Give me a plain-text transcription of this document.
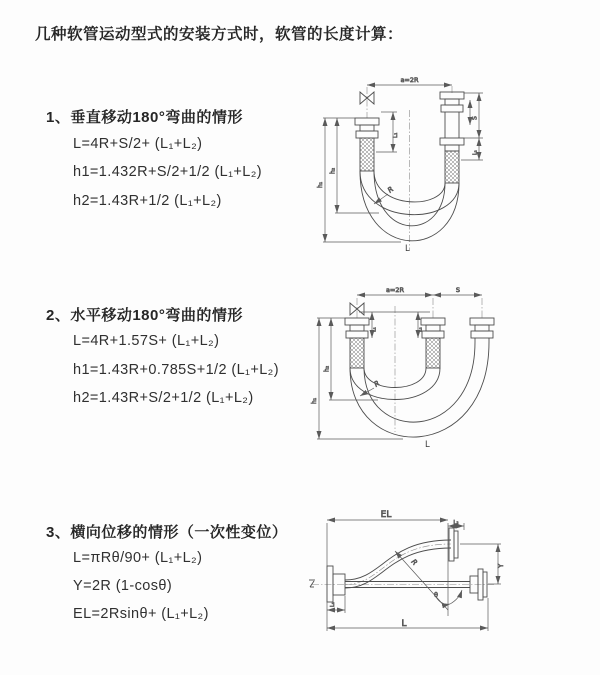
几种软管运动型式的安装方式时，软管的长度计算：
1、垂直移动180°弯曲的情形
L=4R+S/2+ (L₁+L₂)
h1=1.432R+S/2+1/2 (L₁+L₂)
h2=1.43R+1/2 (L₁+L₂)
a=2R
h₁
h₂
L₁
S
L₂
R
L
2、水平移动180°弯曲的情形
L=4R+1.57S+ (L₁+L₂)
h1=1.43R+0.785S+1/2 (L₁+L₂)
h2=1.43R+S/2+1/2 (L₁+L₂)
a=2R	S
h₁
h₂
L₁	L₂
R
L
3、横向位移的情形（一次性变位）
L=πRθ/90+ (L₁+L₂)
Y=2R (1-cosθ)
EL=2Rsinθ+ (L₁+L₂)
EL
L₂
Y
L
L₁
R
θ
